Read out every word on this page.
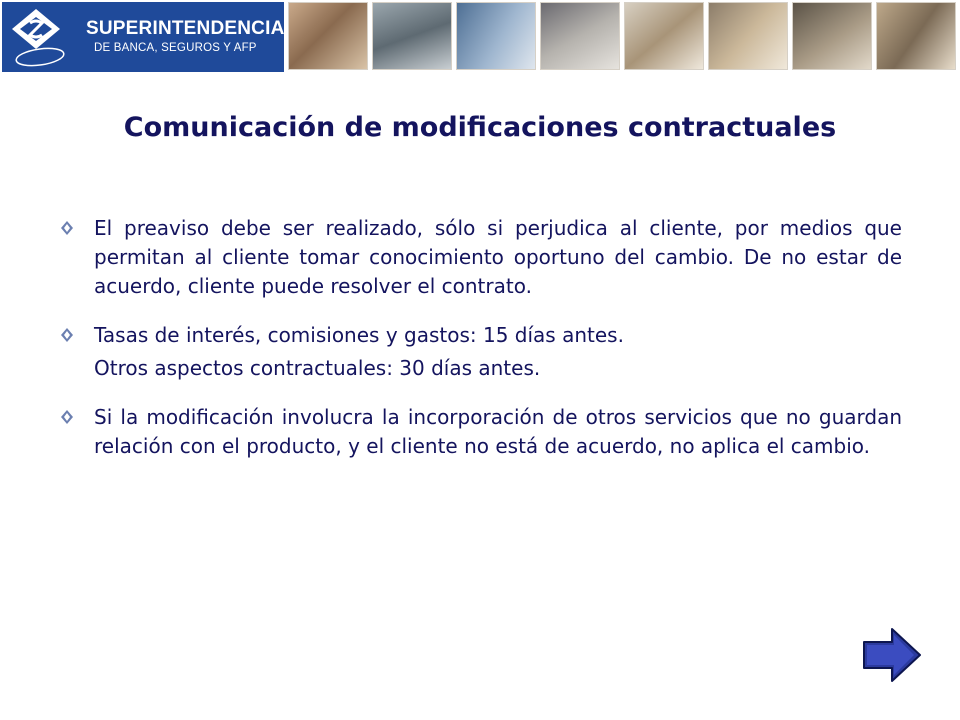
SUPERINTENDENCIA
DE BANCA, SEGUROS Y AFP
Comunicación de modificaciones contractuales
El preaviso debe ser realizado, sólo si perjudica al cliente, por medios que permitan al cliente tomar conocimiento oportuno del cambio. De no estar de acuerdo, cliente puede resolver el contrato.
Tasas de interés, comisiones y gastos: 15 días antes.
Otros aspectos contractuales: 30 días antes.
Si la modificación involucra la incorporación de otros servicios que no guardan relación con el producto, y el cliente no está de acuerdo, no aplica el cambio.
